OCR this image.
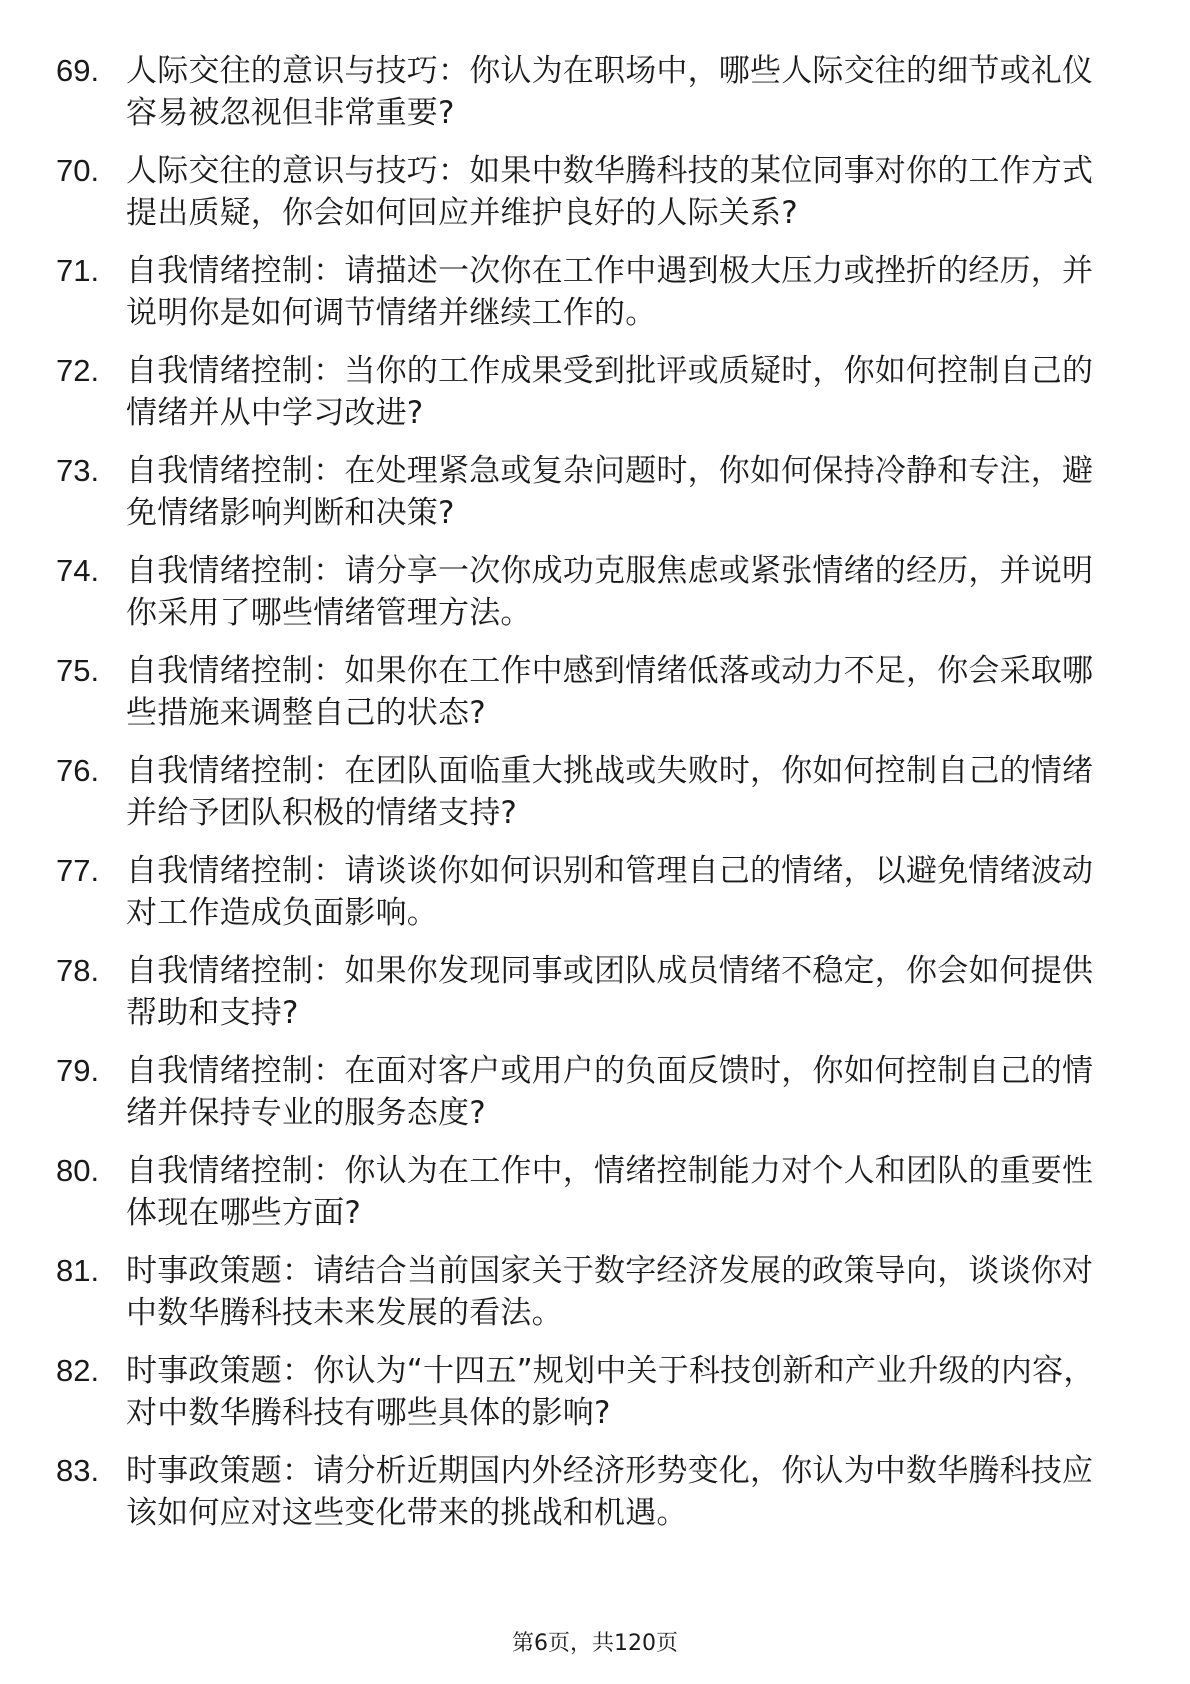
69. 人际交往的意识与技巧：你认为在职场中，哪些人际交往的细节或礼仪容易被忽视但非常重要?
70. 人际交往的意识与技巧：如果中数华腾科技的某位同事对你的工作方式提出质疑，你会如何回应并维护良好的人际关系?
71. 自我情绪控制：请描述一次你在工作中遇到极大压力或挫折的经历，并说明你是如何调节情绪并继续工作的。
72. 自我情绪控制：当你的工作成果受到批评或质疑时，你如何控制自己的情绪并从中学习改进?
73. 自我情绪控制：在处理紧急或复杂问题时，你如何保持冷静和专注，避免情绪影响判断和决策?
74. 自我情绪控制：请分享一次你成功克服焦虑或紧张情绪的经历，并说明你采用了哪些情绪管理方法。
75. 自我情绪控制：如果你在工作中感到情绪低落或动力不足，你会采取哪些措施来调整自己的状态?
76. 自我情绪控制：在团队面临重大挑战或失败时，你如何控制自己的情绪并给予团队积极的情绪支持?
77. 自我情绪控制：请谈谈你如何识别和管理自己的情绪，以避免情绪波动对工作造成负面影响。
78. 自我情绪控制：如果你发现同事或团队成员情绪不稳定，你会如何提供帮助和支持?
79. 自我情绪控制：在面对客户或用户的负面反馈时，你如何控制自己的情绪并保持专业的服务态度?
80. 自我情绪控制：你认为在工作中，情绪控制能力对个人和团队的重要性体现在哪些方面?
81. 时事政策题：请结合当前国家关于数字经济发展的政策导向，谈谈你对中数华腾科技未来发展的看法。
82. 时事政策题：你认为“十四五”规划中关于科技创新和产业升级的内容，对中数华腾科技有哪些具体的影响?
83. 时事政策题：请分析近期国内外经济形势变化，你认为中数华腾科技应该如何应对这些变化带来的挑战和机遇。
第6页，共120页
